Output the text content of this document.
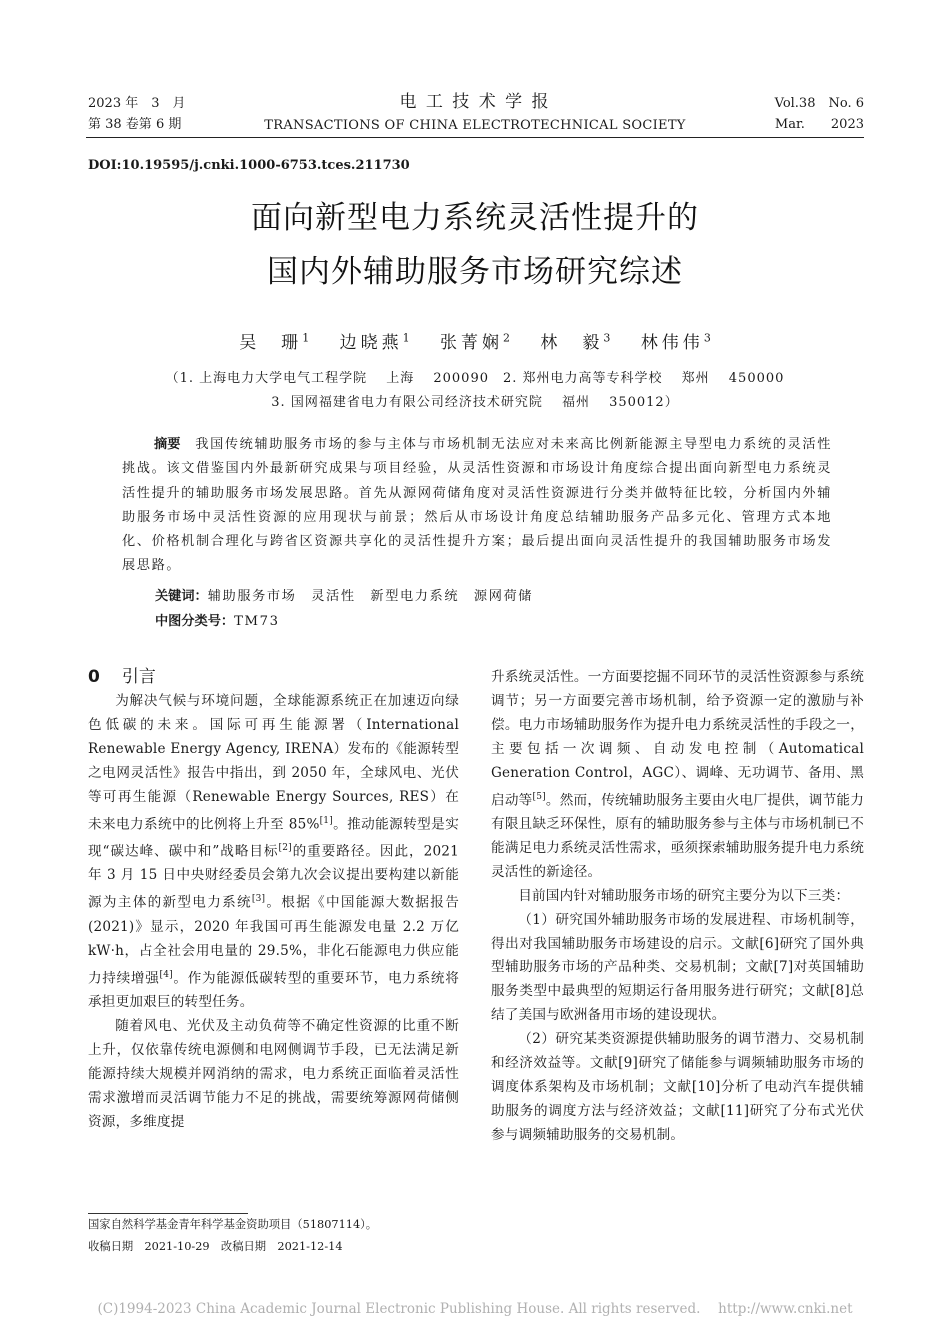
2023 年　3　月
第 38 卷第 6 期
电 工 技 术 学 报
TRANSACTIONS OF CHINA ELECTROTECHNICAL SOCIETY
Vol.38　No. 6
Mar.　　2023
DOI:10.19595/j.cnki.1000-6753.tces.211730
面向新型电力系统灵活性提升的
国内外辅助服务市场研究综述
吴　珊$^1$　 边晓燕$^1$　 张菁娴$^2$　 林　毅$^3$　 林伟伟$^3$
（1. 上海电力大学电气工程学院　 上海　 200090　2. 郑州电力高等专科学校　 郑州　 450000
3. 国网福建省电力有限公司经济技术研究院　 福州　 350012）
摘要　我国传统辅助服务市场的参与主体与市场机制无法应对未来高比例新能源主导型电力系统的灵活性挑战。该文借鉴国内外最新研究成果与项目经验，从灵活性资源和市场设计角度综合提出面向新型电力系统灵活性提升的辅助服务市场发展思路。首先从源网荷储角度对灵活性资源进行分类并做特征比较，分析国内外辅助服务市场中灵活性资源的应用现状与前景；然后从市场设计角度总结辅助服务产品多元化、管理方式本地化、价格机制合理化与跨省区资源共享化的灵活性提升方案；最后提出面向灵活性提升的我国辅助服务市场发展思路。
关键词：辅助服务市场　灵活性　新型电力系统　源网荷储
中图分类号：TM73
0 引言

为解决气候与环境问题，全球能源系统正在加速迈向绿色低碳的未来。国际可再生能源署（International Renewable Energy Agency, IRENA）发布的《能源转型之电网灵活性》报告中指出，到 2050 年，全球风电、光伏等可再生能源（Renewable Energy Sources, RES）在未来电力系统中的比例将上升至 85%[1]。推动能源转型是实现“碳达峰、碳中和”战略目标[2]的重要路径。因此，2021 年 3 月 15 日中央财经委员会第九次会议提出要构建以新能源为主体的新型电力系统[3]。根据《中国能源大数据报告(2021)》显示，2020 年我国可再生能源发电量 2.2 万亿 kW·h，占全社会用电量的 29.5%，非化石能源电力供应能力持续增强[4]。作为能源低碳转型的重要环节，电力系统将承担更加艰巨的转型任务。

随着风电、光伏及主动负荷等不确定性资源的比重不断上升，仅依靠传统电源侧和电网侧调节手段，已无法满足新能源持续大规模并网消纳的需求，电力系统正面临着灵活性需求激增而灵活调节能力不足的挑战，需要统筹源网荷储侧资源，多维度提

升系统灵活性。一方面要挖掘不同环节的灵活性资源参与系统调节；另一方面要完善市场机制，给予资源一定的激励与补偿。电力市场辅助服务作为提升电力系统灵活性的手段之一，主要包括一次调频、自动发电控制（Automatical Generation Control，AGC）、调峰、无功调节、备用、黑启动等[5]。然而，传统辅助服务主要由火电厂提供，调节能力有限且缺乏环保性，原有的辅助服务参与主体与市场机制已不能满足电力系统灵活性需求，亟须探索辅助服务提升电力系统灵活性的新途径。

目前国内针对辅助服务市场的研究主要分为以下三类：

（1）研究国外辅助服务市场的发展进程、市场机制等，得出对我国辅助服务市场建设的启示。文献[6]研究了国外典型辅助服务市场的产品种类、交易机制；文献[7]对英国辅助服务类型中最典型的短期运行备用服务进行研究；文献[8]总结了美国与欧洲备用市场的建设现状。

（2）研究某类资源提供辅助服务的调节潜力、交易机制和经济效益等。文献[9]研究了储能参与调频辅助服务市场的调度体系架构及市场机制；文献[10]分析了电动汽车提供辅助服务的调度方法与经济效益；文献[11]研究了分布式光伏参与调频辅助服务的交易机制。

国家自然科学基金青年科学基金资助项目（51807114）。
收稿日期　2021-10-29　改稿日期　2021-12-14
(C)1994-2023 China Academic Journal Electronic Publishing House. All rights reserved.　 http://www.cnki.net
